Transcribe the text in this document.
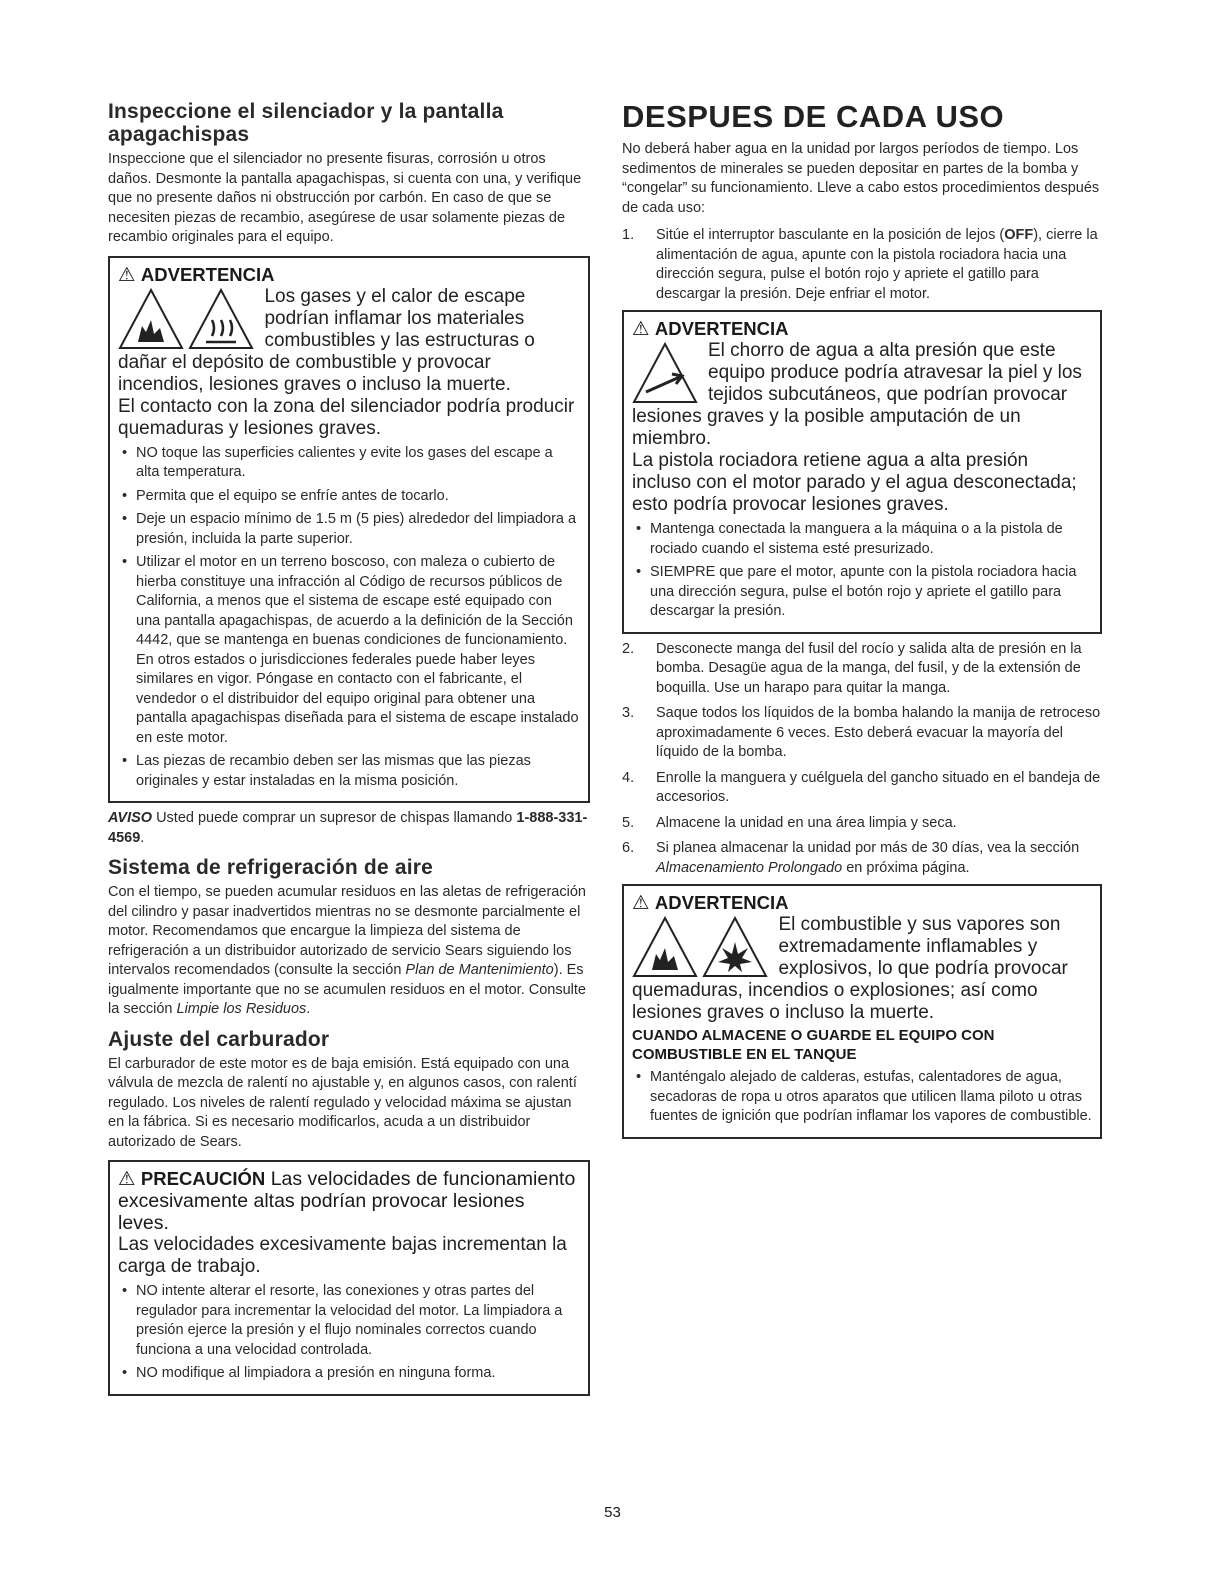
Inspeccione el silenciador y la pantalla apagachispas

Inspeccione que el silenciador no presente fisuras, corrosión u otros daños. Desmonte la pantalla apagachispas, si cuenta con una, y verifique que no presente daños ni obstrucción por carbón. En caso de que se necesiten piezas de recambio, asegúrese de usar solamente piezas de recambio originales para el equipo.

⚠ ADVERTENCIA

Los gases y el calor de escape podrían inflamar los materiales combustibles y las estructuras o dañar el depósito de combustible y provocar incendios, lesiones graves o incluso la muerte.

El contacto con la zona del silenciador podría producir quemaduras y lesiones graves.

• NO toque las superficies calientes y evite los gases del escape a alta temperatura.
• Permita que el equipo se enfríe antes de tocarlo.
• Deje un espacio mínimo de 1.5 m (5 pies) alrededor del limpiadora a presión, incluida la parte superior.
• Utilizar el motor en un terreno boscoso, con maleza o cubierto de hierba constituye una infracción al Código de recursos públicos de California, a menos que el sistema de escape esté equipado con una pantalla apagachispas, de acuerdo a la definición de la Sección 4442, que se mantenga en buenas condiciones de funcionamiento. En otros estados o jurisdicciones federales puede haber leyes similares en vigor. Póngase en contacto con el fabricante, el vendedor o el distribuidor del equipo original para obtener una pantalla apagachispas diseñada para el sistema de escape instalado en este motor.
• Las piezas de recambio deben ser las mismas que las piezas originales y estar instaladas en la misma posición.

AVISO Usted puede comprar un supresor de chispas llamando 1-888-331-4569.

Sistema de refrigeración de aire

Con el tiempo, se pueden acumular residuos en las aletas de refrigeración del cilindro y pasar inadvertidos mientras no se desmonte parcialmente el motor. Recomendamos que encargue la limpieza del sistema de refrigeración a un distribuidor autorizado de servicio Sears siguiendo los intervalos recomendados (consulte la sección Plan de Mantenimiento). Es igualmente importante que no se acumulen residuos en el motor. Consulte la sección Limpie los Residuos.

Ajuste del carburador

El carburador de este motor es de baja emisión. Está equipado con una válvula de mezcla de ralentí no ajustable y, en algunos casos, con ralentí regulado. Los niveles de ralentí regulado y velocidad máxima se ajustan en la fábrica. Si es necesario modificarlos, acuda a un distribuidor autorizado de Sears.

⚠ PRECAUCIÓN Las velocidades de funcionamiento excesivamente altas podrían provocar lesiones leves.

Las velocidades excesivamente bajas incrementan la carga de trabajo.

• NO intente alterar el resorte, las conexiones y otras partes del regulador para incrementar la velocidad del motor. La limpiadora a presión ejerce la presión y el flujo nominales correctos cuando funciona a una velocidad controlada.
• NO modifique al limpiadora a presión en ninguna forma.
DESPUES DE CADA USO

No deberá haber agua en la unidad por largos períodos de tiempo. Los sedimentos de minerales se pueden depositar en partes de la bomba y “congelar” su funcionamiento. Lleve a cabo estos procedimientos después de cada uso:

1. Sitúe el interruptor basculante en la posición de lejos (OFF), cierre la alimentación de agua, apunte con la pistola rociadora hacia una dirección segura, pulse el botón rojo y apriete el gatillo para descargar la presión. Deje enfriar el motor.
⚠ ADVERTENCIA

El chorro de agua a alta presión que este equipo produce podría atravesar la piel y los tejidos subcutáneos, que podrían provocar lesiones graves y la posible amputación de un miembro.

La pistola rociadora retiene agua a alta presión incluso con el motor parado y el agua desconectada; esto podría provocar lesiones graves.

• Mantenga conectada la manguera a la máquina o a la pistola de rociado cuando el sistema esté presurizado.
• SIEMPRE que pare el motor, apunte con la pistola rociadora hacia una dirección segura, pulse el botón rojo y apriete el gatillo para descargar la presión.
2. Desconecte manga del fusil del rocío y salida alta de presión en la bomba. Desagüe agua de la manga, del fusil, y de la extensión de boquilla. Use un harapo para quitar la manga.
3. Saque todos los líquidos de la bomba halando la manija de retroceso aproximadamente 6 veces. Esto deberá evacuar la mayoría del líquido de la bomba.
4. Enrolle la manguera y cuélguela del gancho situado en el bandeja de accesorios.
5. Almacene la unidad en una área limpia y seca.
6. Si planea almacenar la unidad por más de 30 días, vea la sección Almacenamiento Prolongado en próxima página.
⚠ ADVERTENCIA

El combustible y sus vapores son extremadamente inflamables y explosivos, lo que podría provocar quemaduras, incendios o explosiones; así como lesiones graves o incluso la muerte.

CUANDO ALMACENE O GUARDE EL EQUIPO CON COMBUSTIBLE EN EL TANQUE
• Manténgalo alejado de calderas, estufas, calentadores de agua, secadoras de ropa u otros aparatos que utilicen llama piloto u otras fuentes de ignición que podrían inflamar los vapores de combustible.
53
